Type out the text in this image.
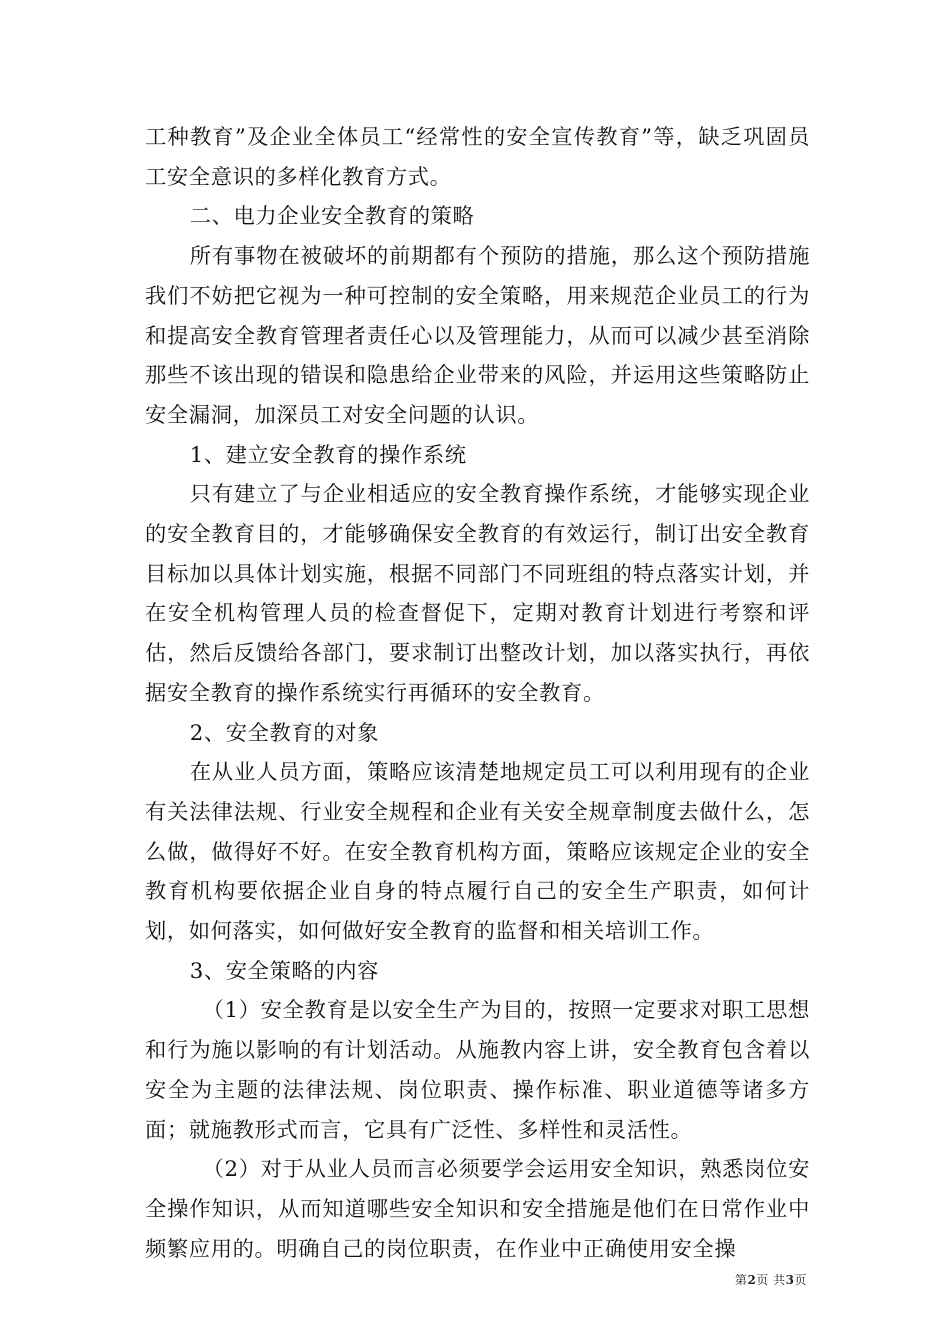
工种教育”及企业全体员工“经常性的安全宣传教育”等，缺乏巩固员工安全意识的多样化教育方式。

二、电力企业安全教育的策略

所有事物在被破坏的前期都有个预防的措施，那么这个预防措施我们不妨把它视为一种可控制的安全策略，用来规范企业员工的行为和提高安全教育管理者责任心以及管理能力，从而可以减少甚至消除那些不该出现的错误和隐患给企业带来的风险，并运用这些策略防止安全漏洞，加深员工对安全问题的认识。

1、建立安全教育的操作系统

只有建立了与企业相适应的安全教育操作系统，才能够实现企业的安全教育目的，才能够确保安全教育的有效运行，制订出安全教育目标加以具体计划实施，根据不同部门不同班组的特点落实计划，并在安全机构管理人员的检查督促下，定期对教育计划进行考察和评估，然后反馈给各部门，要求制订出整改计划，加以落实执行，再依据安全教育的操作系统实行再循环的安全教育。

2、安全教育的对象

在从业人员方面，策略应该清楚地规定员工可以利用现有的企业有关法律法规、行业安全规程和企业有关安全规章制度去做什么，怎么做，做得好不好。在安全教育机构方面，策略应该规定企业的安全教育机构要依据企业自身的特点履行自己的安全生产职责，如何计划，如何落实，如何做好安全教育的监督和相关培训工作。

3、安全策略的内容

（1）安全教育是以安全生产为目的，按照一定要求对职工思想和行为施以影响的有计划活动。从施教内容上讲，安全教育包含着以安全为主题的法律法规、岗位职责、操作标准、职业道德等诸多方面；就施教形式而言，它具有广泛性、多样性和灵活性。

（2）对于从业人员而言必须要学会运用安全知识，熟悉岗位安全操作知识，从而知道哪些安全知识和安全措施是他们在日常作业中频繁应用的。明确自己的岗位职责，在作业中正确使用安全操

第2页 共3页
